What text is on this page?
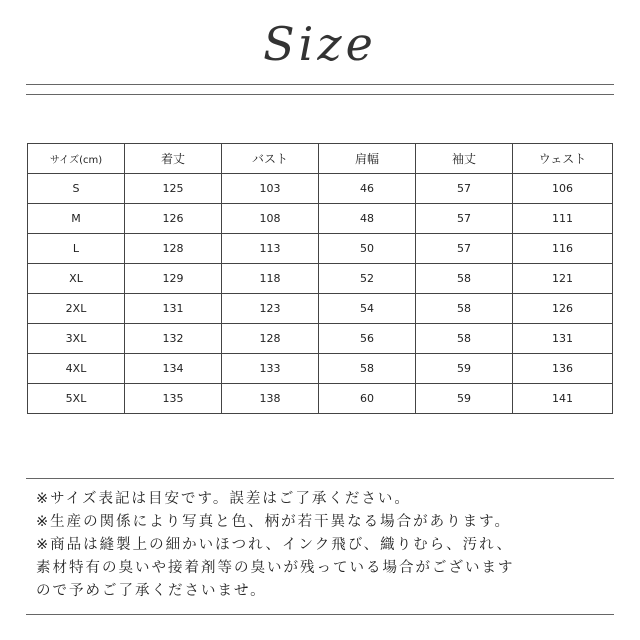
Size
サイズ(cm)	着丈	バスト	肩幅	袖丈	ウェスト
S	125	103	46	57	106
M	126	108	48	57	111
L	128	113	50	57	116
XL	129	118	52	58	121
2XL	131	123	54	58	126
3XL	132	128	56	58	131
4XL	134	133	58	59	136
5XL	135	138	60	59	141
※サイズ表記は目安です。誤差はご了承ください。
※生産の関係により写真と色、柄が若干異なる場合があります。
※商品は縫製上の細かいほつれ、インク飛び、織りむら、汚れ、
素材特有の臭いや接着剤等の臭いが残っている場合がございます
ので予めご了承くださいませ。
